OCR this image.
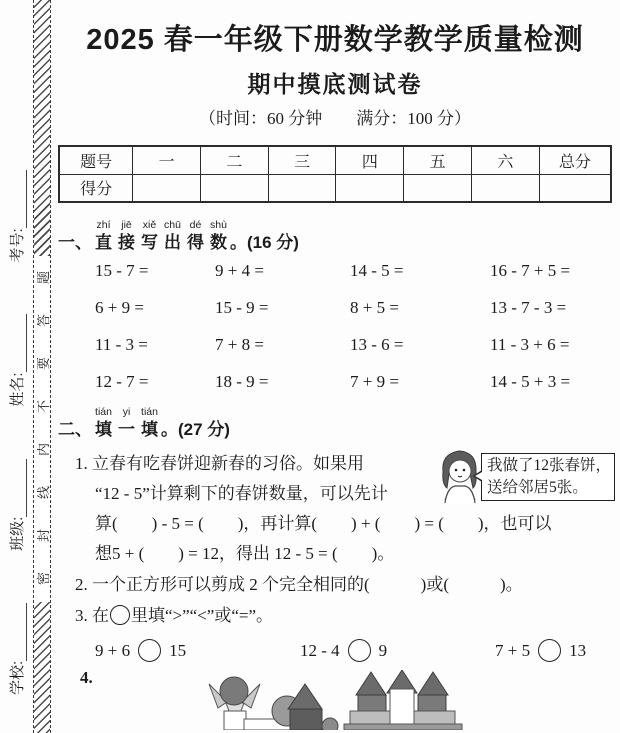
学校:
班级:
姓名:
考号:
密
封
线
内
不
要
答
题
2025 春一年级下册数学教学质量检测
期中摸底测试卷
（时间：60 分钟　　满分：100 分）
题号	一	二	三	四	五	六	总分
得分							
一、
zhí
直
jiē
接
xiě
写
chū
出
dé
得
shù
数 。(16 分)
15 - 7 =	9 + 4 =	14 - 5 =	16 - 7 + 5 =
6 + 9 =	15 - 9 =	8 + 5 =	13 - 7 - 3 =
11 - 3 =	7 + 8 =	13 - 6 =	11 - 3 + 6 =
12 - 7 =	18 - 9 =	7 + 9 =	14 - 5 + 3 =
二、
tián
填
yi
一
tián
填 。(27 分)
1. 立春有吃春饼迎新春的习俗。如果用
“12 - 5”计算剩下的春饼数量，可以先计
算(　　) - 5 = (　　)，再计算(　　) + (　　) = (　　)，也可以
想5 + (　　) = 12，得出 12 - 5 = (　　)。
2. 一个正方形可以剪成 2 个完全相同的(　　　)或(　　　)。
3. 在 里填“>”“<”或“=”。
9 + 6 15	12 - 4 9	7 + 5 13
4.
我做了12张春饼，
送给邻居5张。
